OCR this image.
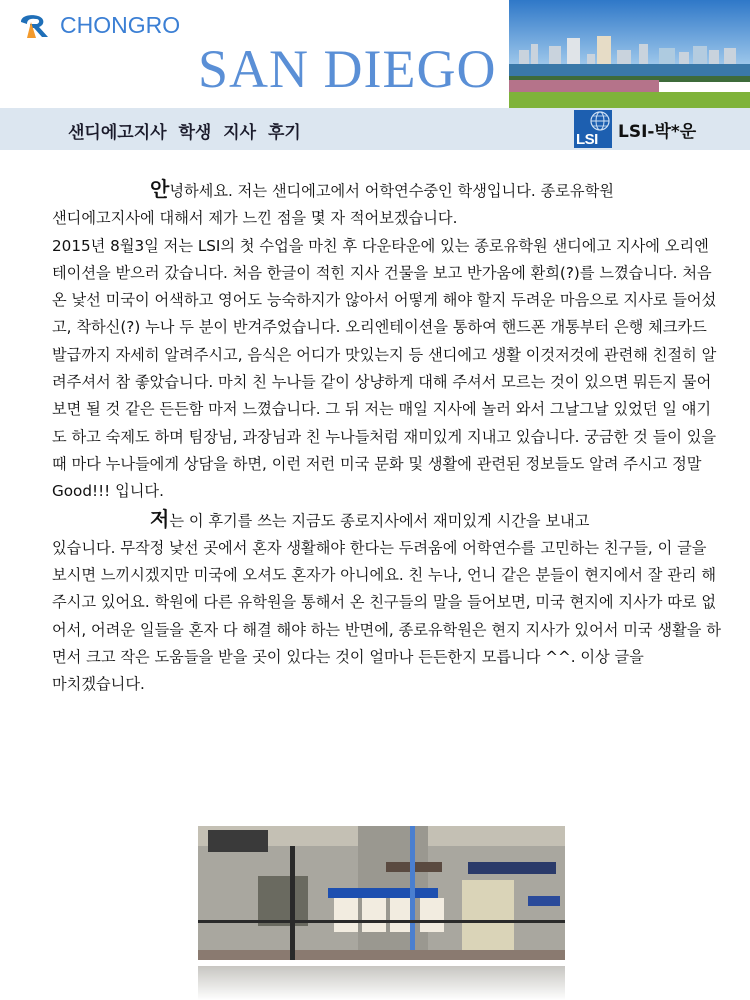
CHONGRO
SAN DIEGO
샌디에고지사 학생 지사 후기	LSI LSI-박*운

안녕하세요. 저는 샌디에고에서 어학연수중인 학생입니다. 종로유학원

샌디에고지사에 대해서 제가 느낀 점을 몇 자 적어보겠습니다.

2015년 8월3일 저는 LSI의 첫 수업을 마친 후 다운타운에 있는 종로유학원 샌디에고 지사에 오리엔테이션을 받으러 갔습니다. 처음 한글이 적힌 지사 건물을 보고 반가움에 환희(?)를 느꼈습니다. 처음 온 낯선 미국이 어색하고 영어도 능숙하지가 않아서 어떻게 해야 할지 두려운 마음으로 지사로 들어섰고, 착하신(?) 누나 두 분이 반겨주었습니다. 오리엔테이션을 통하여 핸드폰 개통부터 은행 체크카드 발급까지 자세히 알려주시고, 음식은 어디가 맛있는지 등 샌디에고 생활 이것저것에 관련해 친절히 알려주셔서 참 좋았습니다. 마치 친 누나들 같이 상냥하게 대해 주셔서 모르는 것이 있으면 뭐든지 물어보면 될 것 같은 든든함 마저 느꼈습니다. 그 뒤 저는 매일 지사에 놀러 와서 그날그날 있었던 일 얘기도 하고 숙제도 하며 팀장님, 과장님과 친 누나들처럼 재미있게 지내고 있습니다. 궁금한 것 들이 있을 때 마다 누나들에게 상담을 하면, 이런 저런 미국 문화 및 생활에 관련된 정보들도 알려 주시고 정말 Good!!! 입니다.

저는 이 후기를 쓰는 지금도 종로지사에서 재미있게 시간을 보내고

있습니다. 무작정 낯선 곳에서 혼자 생활해야 한다는 두려움에 어학연수를 고민하는 친구들, 이 글을 보시면 느끼시겠지만 미국에 오셔도 혼자가 아니에요. 친 누나, 언니 같은 분들이 현지에서 잘 관리 해주시고 있어요. 학원에 다른 유학원을 통해서 온 친구들의 말을 들어보면, 미국 현지에 지사가 따로 없어서, 어려운 일들을 혼자 다 해결 해야 하는 반면에, 종로유학원은 현지 지사가 있어서 미국 생활을 하면서 크고 작은 도움들을 받을 곳이 있다는 것이 얼마나 든든한지 모릅니다 ^^. 이상 글을

마치겠습니다.
